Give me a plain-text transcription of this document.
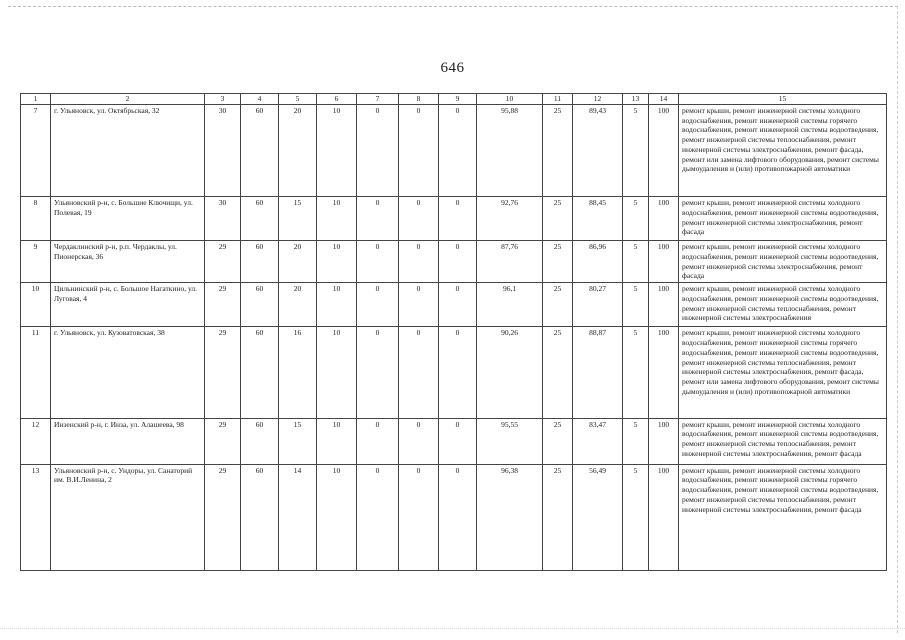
646
1	2	3	4	5	6	7	8	9	10	11	12	13	14	15
7	г. Ульяновск, ул. Октябрьская, 32	30	60	20	10	0	0	0	95,88	25	89,43	5	100	ремонт крыши, ремонт инженерной системы холодного водоснабжения, ремонт инженерной системы горячего водоснабжения, ремонт инженерной системы водоотведения, ремонт инженерной системы теплоснабжения, ремонт инженерной системы электроснабжения, ремонт фасада, ремонт или замена лифтового оборудования, ремонт системы дымоудаления и (или) противопожарной автоматики
8	Ульяновский р-н, с. Большие Ключищи, ул. Полевая, 19	30	60	15	10	0	0	0	92,76	25	88,45	5	100	ремонт крыши, ремонт инженерной системы холодного водоснабжения, ремонт инженерной системы водоотведения, ремонт инженерной системы электроснабжения, ремонт фасада
9	Чердаклинский р-н, р.п. Чердаклы, ул. Пионерская, 36	29	60	20	10	0	0	0	87,76	25	86,96	5	100	ремонт крыши, ремонт инженерной системы холодного водоснабжения, ремонт инженерной системы водоотведения, ремонт инженерной системы электроснабжения, ремонт фасада
10	Цильнинский р-н, с. Большое Нагаткино, ул. Луговая, 4	29	60	20	10	0	0	0	96,1	25	80,27	5	100	ремонт крыши, ремонт инженерной системы холодного водоснабжения, ремонт инженерной системы водоотведения, ремонт инженерной системы теплоснабжения, ремонт инженерной системы электроснабжения
11	г. Ульяновск, ул. Кузоватовская, 38	29	60	16	10	0	0	0	90,26	25	88,87	5	100	ремонт крыши, ремонт инженерной системы холодного водоснабжения, ремонт инженерной системы горячего водоснабжения, ремонт инженерной системы водоотведения, ремонт инженерной системы теплоснабжения, ремонт инженерной системы электроснабжения, ремонт фасада, ремонт или замена лифтового оборудования, ремонт системы дымоудаления и (или) противопожарной автоматики
12	Инзенский р-н, г. Инза, ул. Алашеева, 98	29	60	15	10	0	0	0	95,55	25	83,47	5	100	ремонт крыши, ремонт инженерной системы холодного водоснабжения, ремонт инженерной системы водоотведения, ремонт инженерной системы теплоснабжения, ремонт инженерной системы электроснабжения, ремонт фасада
13	Ульяновский р-н, с. Ундоры, ул. Санаторий им. В.И.Ленина, 2	29	60	14	10	0	0	0	96,38	25	56,49	5	100	ремонт крыши, ремонт инженерной системы холодного водоснабжения, ремонт инженерной системы горячего водоснабжения, ремонт инженерной системы водоотведения, ремонт инженерной системы теплоснабжения, ремонт инженерной системы электроснабжения, ремонт фасада
